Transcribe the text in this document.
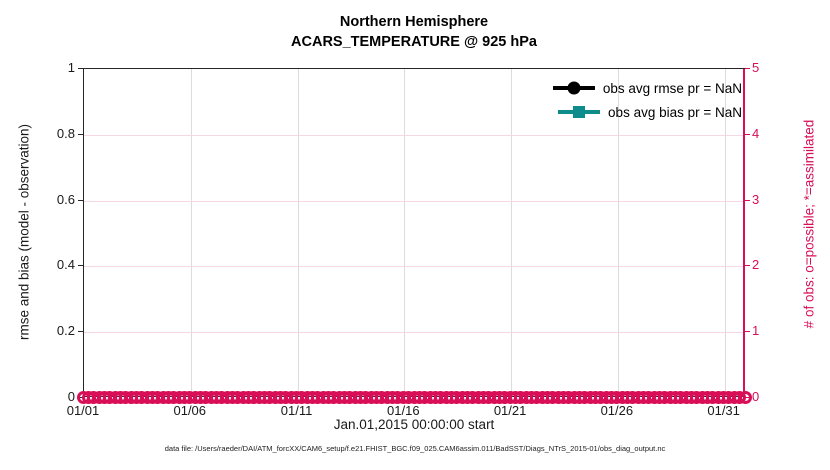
Northern Hemisphere
ACARS_TEMPERATURE @ 925 hPa
obs avg rmse pr = NaN
obs avg bias pr = NaN
rmse and bias (model - observation)	# of obs: o=possible; *=assimilated
Jan.01,2015 00:00:00 start
data file: /Users/raeder/DAI/ATM_forcXX/CAM6_setup/f.e21.FHIST_BGC.f09_025.CAM6assim.011/BadSST/Diags_NTrS_2015-01/obs_diag_output.nc
01/01	01/06	01/11	01/16	01/21	01/26	01/31
1
0.8
0.6
0.4
0.2
0
5
4
3
2
1
0
